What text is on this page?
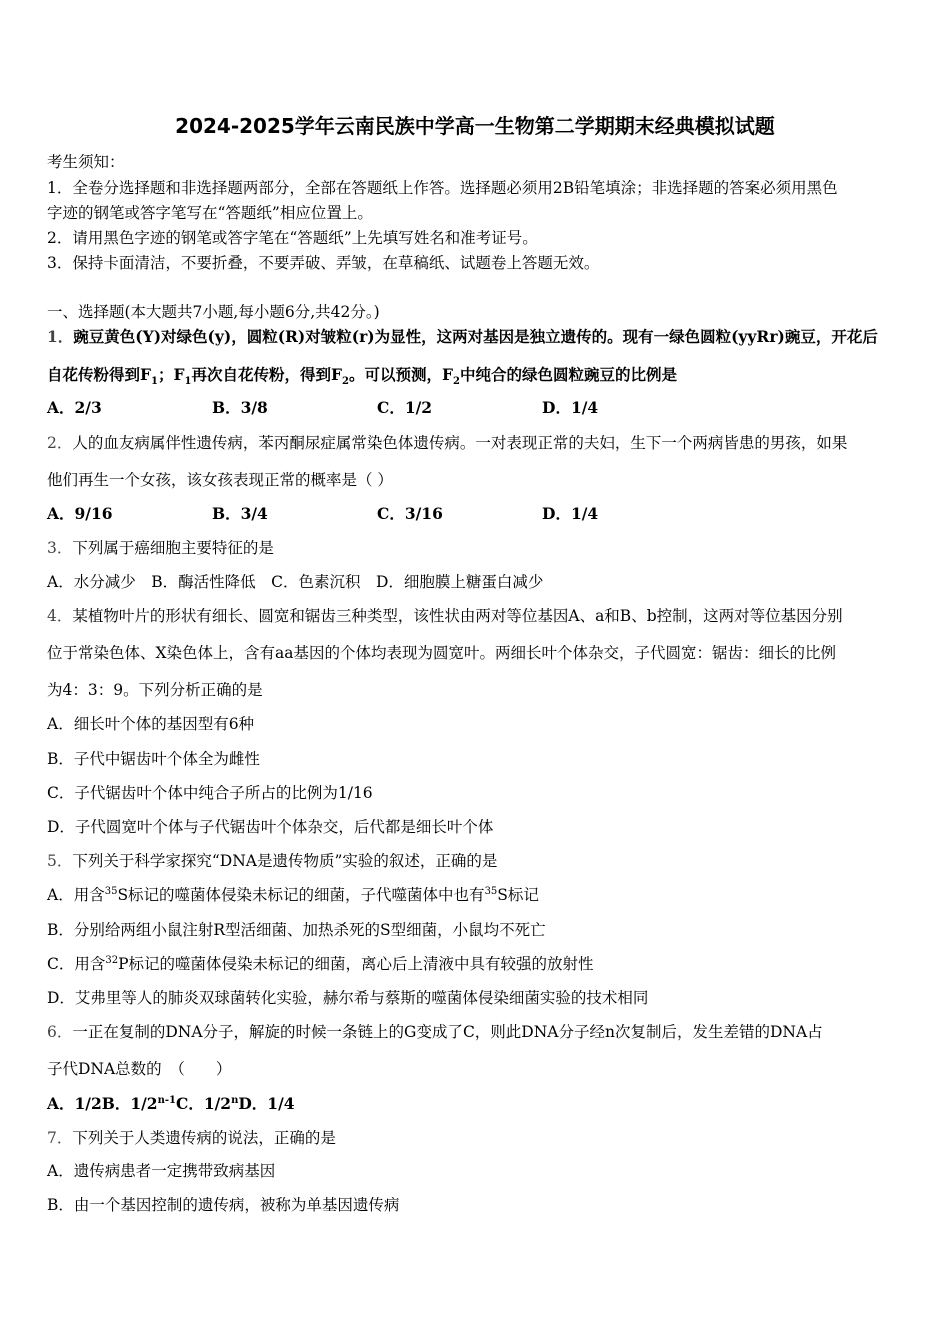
2024-2025学年云南民族中学高一生物第二学期期末经典模拟试题
考生须知：
1．全卷分选择题和非选择题两部分，全部在答题纸上作答。选择题必须用2B铅笔填涂；非选择题的答案必须用黑色
字迹的钢笔或答字笔写在“答题纸”相应位置上。
2．请用黑色字迹的钢笔或答字笔在“答题纸”上先填写姓名和准考证号。
3．保持卡面清洁，不要折叠，不要弄破、弄皱，在草稿纸、试题卷上答题无效。
一、选择题(本大题共7小题,每小题6分,共42分。)
1．豌豆黄色(Y)对绿色(y)，圆粒(R)对皱粒(r)为显性，这两对基因是独立遗传的。现有一绿色圆粒(yyRr)豌豆，开花后
自花传粉得到$F_1$；$F_1$再次自花传粉，得到$F_2$。可以预测，$F_2$中纯合的绿色圆粒豌豆的比例是
A．2/3	B．3/8	C．1/2	D．1/4
2．人的血友病属伴性遗传病，苯丙酮尿症属常染色体遗传病。一对表现正常的夫妇，生下一个两病皆患的男孩，如果
他们再生一个女孩，该女孩表现正常的概率是（ ）
A．9/16	B．3/4	C．3/16	D．1/4
3．下列属于癌细胞主要特征的是
A．水分减少　B．酶活性降低　C．色素沉积　D．细胞膜上糖蛋白减少
4．某植物叶片的形状有细长、圆宽和锯齿三种类型，该性状由两对等位基因A、a和B、b控制，这两对等位基因分别
位于常染色体、X染色体上，含有aa基因的个体均表现为圆宽叶。两细长叶个体杂交，子代圆宽：锯齿：细长的比例
为4：3：9。下列分析正确的是
A．细长叶个体的基因型有6种
B．子代中锯齿叶个体全为雌性
C．子代锯齿叶个体中纯合子所占的比例为1/16
D．子代圆宽叶个体与子代锯齿叶个体杂交，后代都是细长叶个体
5．下列关于科学家探究“DNA是遗传物质”实验的叙述，正确的是
A．用含$^{35}$S标记的噬菌体侵染未标记的细菌，子代噬菌体中也有$^{35}$S标记
B．分别给两组小鼠注射R型活细菌、加热杀死的S型细菌，小鼠均不死亡
C．用含$^{32}$P标记的噬菌体侵染未标记的细菌，离心后上清液中具有较强的放射性
D．艾弗里等人的肺炎双球菌转化实验，赫尔希与蔡斯的噬菌体侵染细菌实验的技术相同
6．一正在复制的DNA分子，解旋的时候一条链上的G变成了C，则此DNA分子经n次复制后，发生差错的DNA占
子代DNA总数的　（　　）
A．1/2B．1/2$^{n-1}$C．1/2$^n$D．1/4
7．下列关于人类遗传病的说法，正确的是
A．遗传病患者一定携带致病基因
B．由一个基因控制的遗传病，被称为单基因遗传病
